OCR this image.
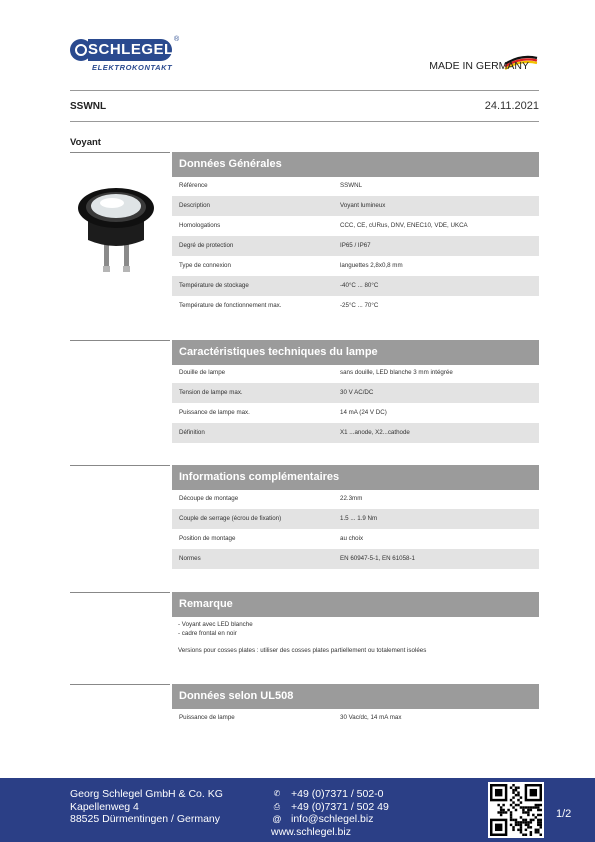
SCHLEGEL
®
ELEKTROKONTAKT	MADE IN GERMANY
SSWNL	24.11.2021
Voyant
Données Générales
Référence	SSWNL
Description	Voyant lumineux
Homologations	CCC, CE, cURus, DNV, ENEC10, VDE, UKCA
Degré de protection	IP65 / IP67
Type de connexion	languettes 2,8x0,8 mm
Température de stockage	-40°C ... 80°C
Température de fonctionnement max.	-25°C ... 70°C
Caractéristiques techniques du lampe
Douille de lampe	sans douille, LED blanche 3 mm intégrée
Tension de lampe max.	30 V AC/DC
Puissance de lampe max.	14 mA (24 V DC)
Définition	X1 ...anode, X2...cathode
Informations complémentaires
Découpe de montage	22.3mm
Couple de serrage (écrou de fixation)	1.5 ... 1.9 Nm
Position de montage	au choix
Normes	EN 60947-5-1, EN 61058-1
Remarque
- Voyant avec LED blanche
- cadre frontal en noir
Versions pour cosses plates : utiliser des cosses plates partiellement ou totalement isolées
Données selon UL508
Puissance de lampe	30 Vac/dc, 14 mA max
Georg Schlegel GmbH & Co. KG
Kapellenweg 4
88525 Dürmentingen / Germany
✆ +49 (0)7371 / 502-0
⎙ +49 (0)7371 / 502 49
@ info@schlegel.biz
www.schlegel.biz
1/2
